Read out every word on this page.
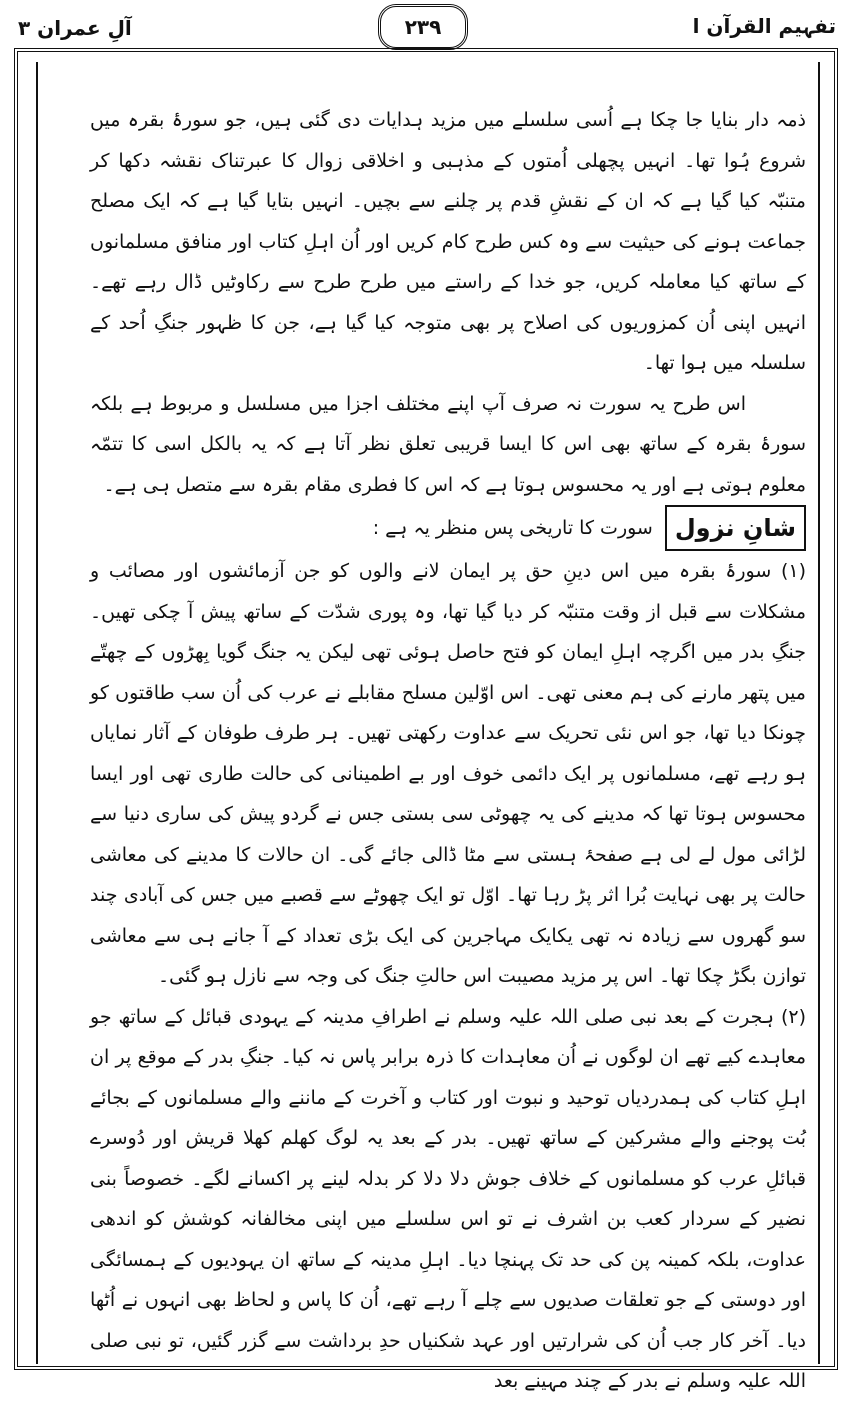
تفہیم القرآن ا
۲۳۹
آلِ عمران ۳

ذمہ دار بنایا جا چکا ہے اُسی سلسلے میں مزید ہدایات دی گئی ہیں، جو سورۂ بقرہ میں شروع ہُوا تھا۔ انہیں پچھلی اُمتوں کے مذہبی و اخلاقی زوال کا عبرتناک نقشہ دکھا کر متنبّہ کیا گیا ہے کہ ان کے نقشِ قدم پر چلنے سے بچیں۔ انہیں بتایا گیا ہے کہ ایک مصلح جماعت ہونے کی حیثیت سے وہ کس طرح کام کریں اور اُن اہلِ کتاب اور منافق مسلمانوں کے ساتھ کیا معاملہ کریں، جو خدا کے راستے میں طرح طرح سے رکاوٹیں ڈال رہے تھے۔ انہیں اپنی اُن کمزوریوں کی اصلاح پر بھی متوجہ کیا گیا ہے، جن کا ظہور جنگِ اُحد کے سلسلہ میں ہوا تھا۔

اس طرح یہ سورت نہ صرف آپ اپنے مختلف اجزا میں مسلسل و مربوط ہے بلکہ سورۂ بقرہ کے ساتھ بھی اس کا ایسا قریبی تعلق نظر آتا ہے کہ یہ بالکل اسی کا تتمّہ معلوم ہوتی ہے اور یہ محسوس ہوتا ہے کہ اس کا فطری مقام بقرہ سے متصل ہی ہے۔

شانِ نزول
سورت کا تاریخی پس منظر یہ ہے :

(۱) سورۂ بقرہ میں اس دینِ حق پر ایمان لانے والوں کو جن آزمائشوں اور مصائب و مشکلات سے قبل از وقت متنبّہ کر دیا گیا تھا، وہ پوری شدّت کے ساتھ پیش آ چکی تھیں۔ جنگِ بدر میں اگرچہ اہلِ ایمان کو فتح حاصل ہوئی تھی لیکن یہ جنگ گویا بِھڑوں کے چھتّے میں پتھر مارنے کی ہم معنی تھی۔ اس اوّلین مسلح مقابلے نے عرب کی اُن سب طاقتوں کو چونکا دیا تھا، جو اس نئی تحریک سے عداوت رکھتی تھیں۔ ہر طرف طوفان کے آثار نمایاں ہو رہے تھے، مسلمانوں پر ایک دائمی خوف اور بے اطمینانی کی حالت طاری تھی اور ایسا محسوس ہوتا تھا کہ مدینے کی یہ چھوٹی سی بستی جس نے گردو پیش کی ساری دنیا سے لڑائی مول لے لی ہے صفحۂ ہستی سے مٹا ڈالی جائے گی۔ ان حالات کا مدینے کی معاشی حالت پر بھی نہایت بُرا اثر پڑ رہا تھا۔ اوّل تو ایک چھوٹے سے قصبے میں جس کی آبادی چند سو گھروں سے زیادہ نہ تھی یکایک مہاجرین کی ایک بڑی تعداد کے آ جانے ہی سے معاشی توازن بگڑ چکا تھا۔ اس پر مزید مصیبت اس حالتِ جنگ کی وجہ سے نازل ہو گئی۔

(۲) ہجرت کے بعد نبی صلی اللہ علیہ وسلم نے اطرافِ مدینہ کے یہودی قبائل کے ساتھ جو معاہدے کیے تھے ان لوگوں نے اُن معاہدات کا ذرہ برابر پاس نہ کیا۔ جنگِ بدر کے موقع پر ان اہلِ کتاب کی ہمدردیاں توحید و نبوت اور کتاب و آخرت کے ماننے والے مسلمانوں کے بجائے بُت پوجنے والے مشرکین کے ساتھ تھیں۔ بدر کے بعد یہ لوگ کھلم کھلا قریش اور دُوسرے قبائلِ عرب کو مسلمانوں کے خلاف جوش دلا دلا کر بدلہ لینے پر اکسانے لگے۔ خصوصاً بنی نضیر کے سردار کعب بن اشرف نے تو اس سلسلے میں اپنی مخالفانہ کوشش کو اندھی عداوت، بلکہ کمینہ پن کی حد تک پہنچا دیا۔ اہلِ مدینہ کے ساتھ ان یہودیوں کے ہمسائگی اور دوستی کے جو تعلقات صدیوں سے چلے آ رہے تھے، اُن کا پاس و لحاظ بھی انہوں نے اُٹھا دیا۔ آخر کار جب اُن کی شرارتیں اور عہد شکنیاں حدِ برداشت سے گزر گئیں، تو نبی صلی اللہ علیہ وسلم نے بدر کے چند مہینے بعد
